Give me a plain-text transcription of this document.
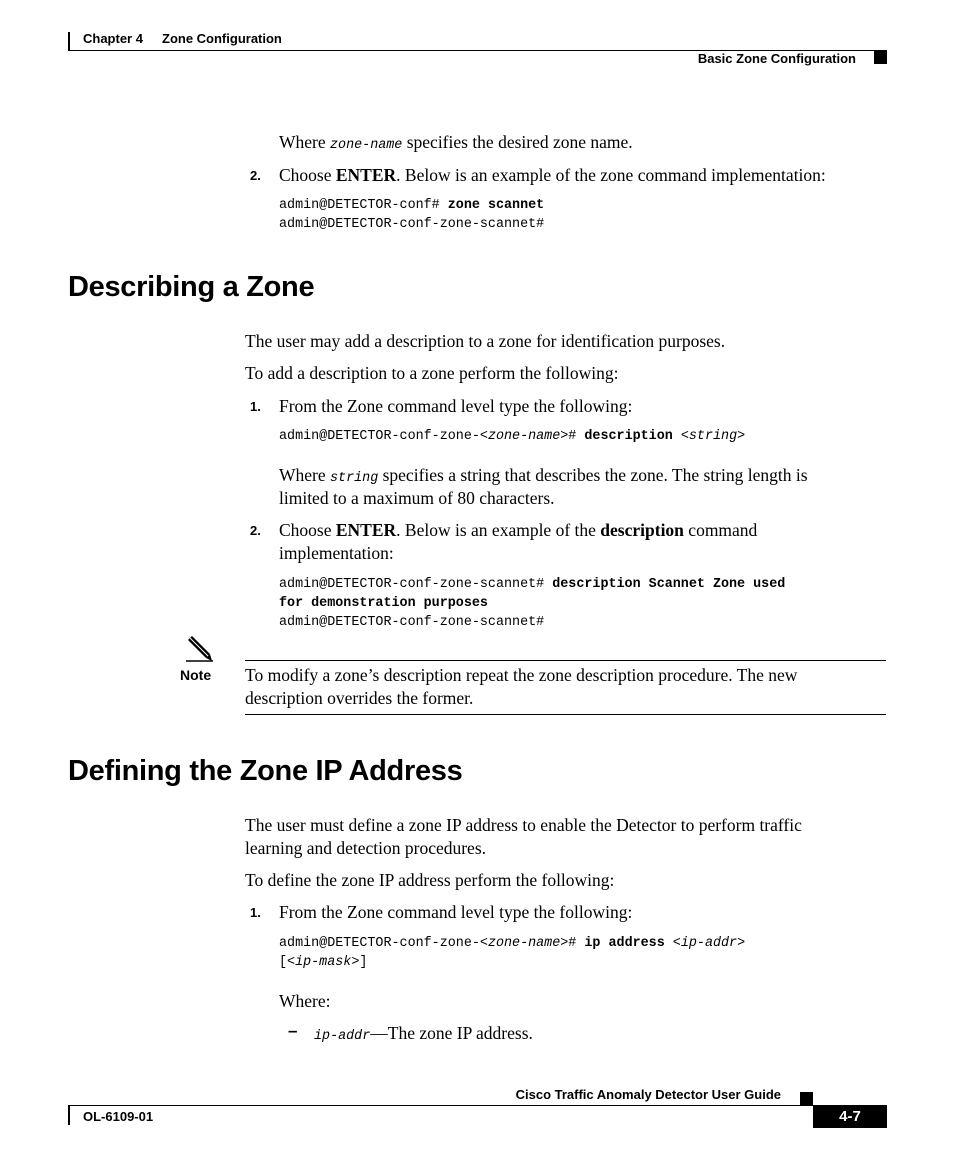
Chapter 4 Zone Configuration
Basic Zone Configuration
Where zone-name specifies the desired zone name.
2. Choose ENTER. Below is an example of the zone command implementation:
admin@DETECTOR-conf# zone scannet
admin@DETECTOR-conf-zone-scannet#
Describing a Zone
The user may add a description to a zone for identification purposes.
To add a description to a zone perform the following:
1. From the Zone command level type the following:
admin@DETECTOR-conf-zone-<zone-name># description <string>
Where string specifies a string that describes the zone. The string length is
limited to a maximum of 80 characters.
2. Choose ENTER. Below is an example of the description command
implementation:
admin@DETECTOR-conf-zone-scannet# description Scannet Zone used
for demonstration purposes
admin@DETECTOR-conf-zone-scannet#
Note To modify a zone’s description repeat the zone description procedure. The new
description overrides the former.
Defining the Zone IP Address
The user must define a zone IP address to enable the Detector to perform traffic
learning and detection procedures.
To define the zone IP address perform the following:
1. From the Zone command level type the following:
admin@DETECTOR-conf-zone-<zone-name># ip address <ip-addr>
[<ip-mask>]
Where:
– ip-addr—The zone IP address.
Cisco Traffic Anomaly Detector User Guide
OL-6109-01	4-7
